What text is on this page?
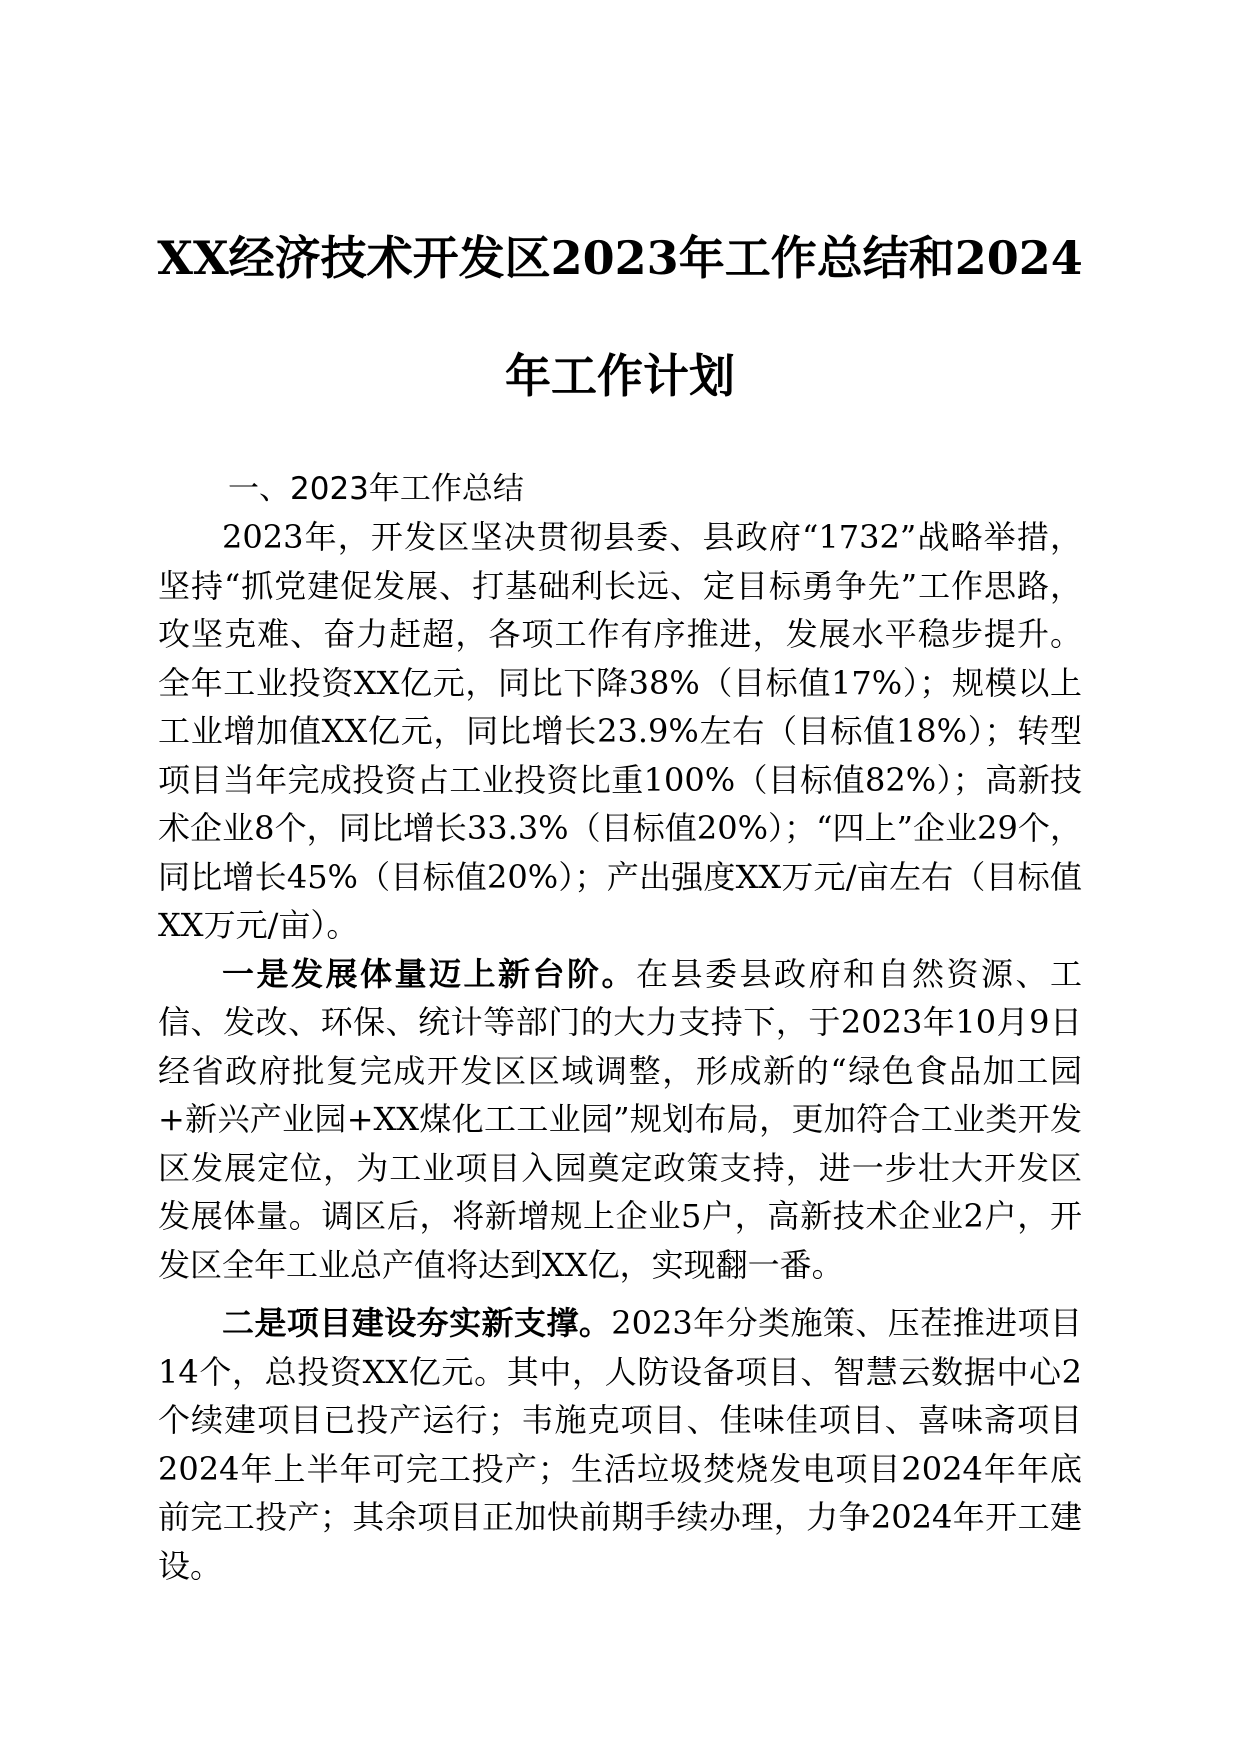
XX经济技术开发区2023年工作总结和2024
年工作计划

一、2023年工作总结

2023年，开发区坚决贯彻县委、县政府“1732”战略举措，坚持“抓党建促发展、打基础利长远、定目标勇争先”工作思路，攻坚克难、奋力赶超，各项工作有序推进，发展水平稳步提升。全年工业投资XX亿元，同比下降38%（目标值17%）；规模以上工业增加值XX亿元，同比增长23.9%左右（目标值18%）；转型项目当年完成投资占工业投资比重100%（目标值82%）；高新技术企业8个，同比增长33.3%（目标值20%）；“四上”企业29个，同比增长45%（目标值20%）；产出强度XX万元/亩左右（目标值XX万元/亩）。

一是发展体量迈上新台阶。在县委县政府和自然资源、工信、发改、环保、统计等部门的大力支持下，于2023年10月9日经省政府批复完成开发区区域调整，形成新的“绿色食品加工园+新兴产业园+XX煤化工工业园”规划布局，更加符合工业类开发区发展定位，为工业项目入园奠定政策支持，进一步壮大开发区发展体量。调区后，将新增规上企业5户，高新技术企业2户，开发区全年工业总产值将达到XX亿，实现翻一番。

二是项目建设夯实新支撑。2023年分类施策、压茬推进项目14个，总投资XX亿元。其中，人防设备项目、智慧云数据中心2个续建项目已投产运行；韦施克项目、佳味佳项目、喜味斋项目2024年上半年可完工投产；生活垃圾焚烧发电项目2024年年底前完工投产；其余项目正加快前期手续办理，力争2024年开工建设。
